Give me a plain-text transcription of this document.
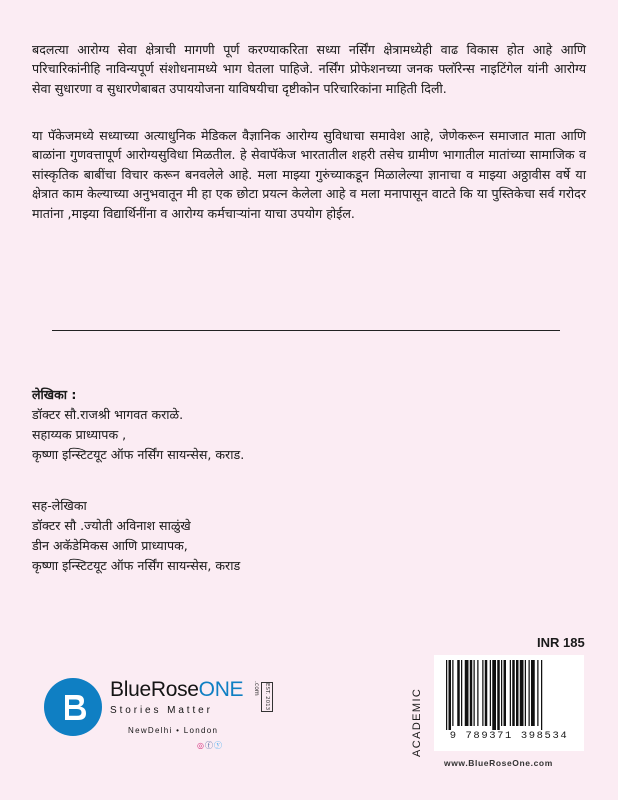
बदलत्या आरोग्य सेवा क्षेत्राची मागणी पूर्ण करण्याकरिता सध्या नर्सिंग क्षेत्रामध्येही वाढ विकास होत आहे आणि परिचारिकांनीहि नाविन्यपूर्ण संशोधनामध्ये भाग घेतला पाहिजे. नर्सिंग प्रोफेशनच्या जनक फ्लॉरेन्स नाइटिंगेल यांनी आरोग्य सेवा सुधारणा व सुधारणेबाबत उपाययोजना याविषयीचा दृष्टीकोन परिचारिकांना माहिती दिली.

या पॅकेजमध्ये सध्याच्या अत्याधुनिक मेडिकल वैज्ञानिक आरोग्य सुविधाचा समावेश आहे, जेणेकरून समाजात माता आणि बाळांना गुणवत्तापूर्ण आरोग्यसुविधा मिळतील. हे सेवापॅकेज भारतातील शहरी तसेच ग्रामीण भागातील मातांच्या सामाजिक व सांस्कृतिक बाबींचा विचार करून बनवलेले आहे. मला माझ्या गुरुंच्याकडून मिळालेल्या ज्ञानाचा व माझ्या अठ्ठावीस वर्षे या क्षेत्रात काम केल्याच्या अनुभवातून मी हा एक छोटा प्रयत्न केलेला आहे व मला मनापासून वाटते कि या पुस्तिकेचा सर्व गरोदर मातांना ,माझ्या विद्यार्थिनींना व आरोग्य कर्मचाऱ्यांना याचा उपयोग होईल.

लेखिका :
डॉक्टर सौ.राजश्री भागवत कराळे.
सहाय्यक प्राध्यापक ,
कृष्णा इन्स्टिटयूट ऑफ नर्सिंग सायन्सेस, कराड.
सह-लेखिका
डॉक्टर सौ .ज्योती अविनाश साळुंखे
डीन अकॅडेमिकस आणि प्राध्यापक,
कृष्णा इन्स्टिटयूट ऑफ नर्सिंग सायन्सेस, कराड
BlueRoseONE .com EST. 2013
Stories Matter
NewDelhi • London
◎ⓕⓨ
INR 185
ACADEMIC	9 789371 398534
www.BlueRoseOne.com
